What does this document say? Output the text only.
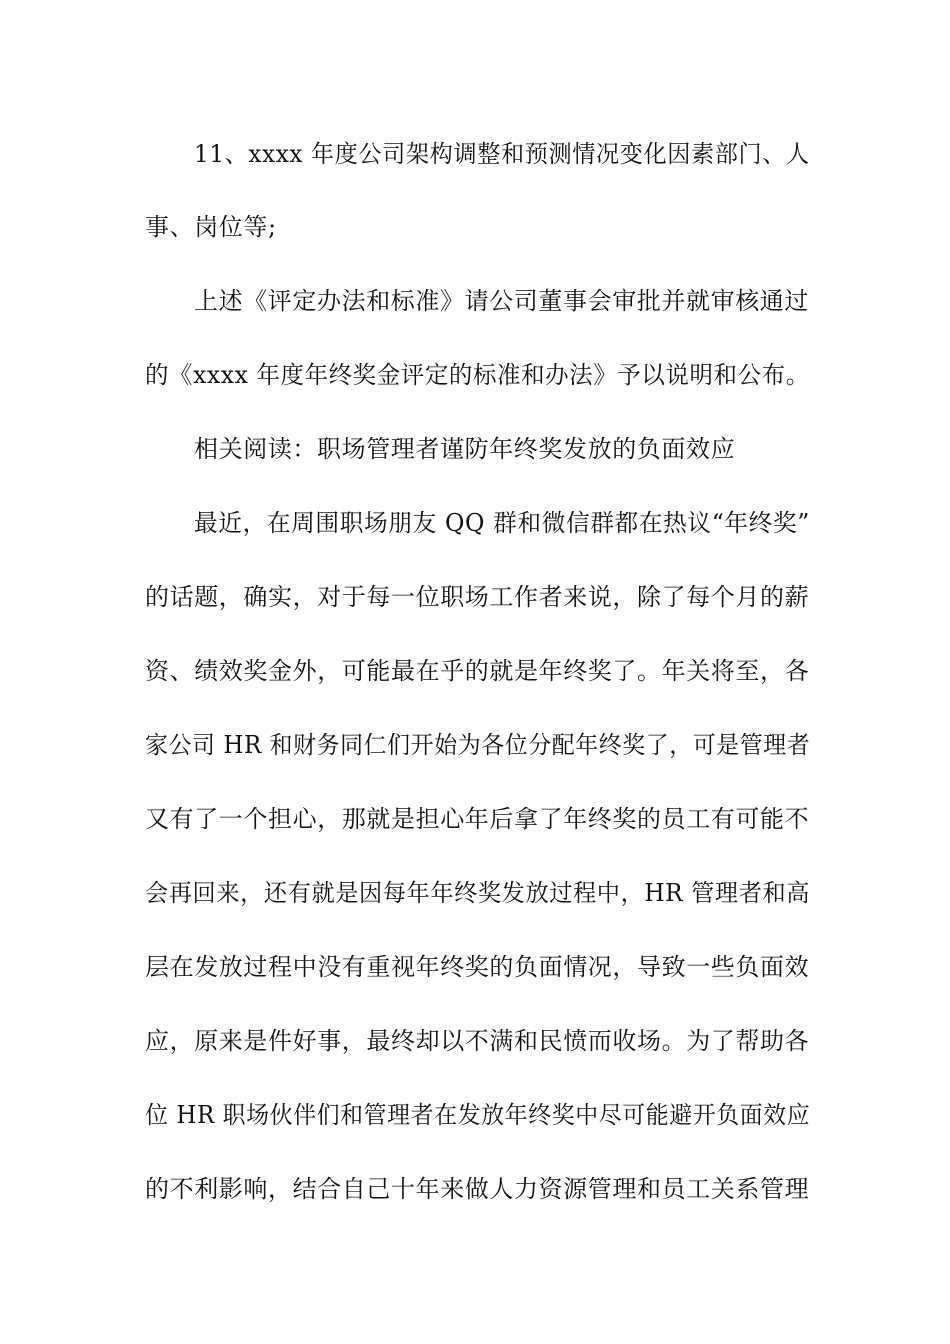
11、xxxx 年度公司架构调整和预测情况变化因素部门、人
事、岗位等;
上述《评定办法和标准》请公司董事会审批并就审核通过
的《xxxx 年度年终奖金评定的标准和办法》予以说明和公布。
相关阅读：职场管理者谨防年终奖发放的负面效应
最近，在周围职场朋友 QQ 群和微信群都在热议“年终奖”
的话题，确实，对于每一位职场工作者来说，除了每个月的薪
资、绩效奖金外，可能最在乎的就是年终奖了。年关将至，各
家公司 HR 和财务同仁们开始为各位分配年终奖了，可是管理者
又有了一个担心，那就是担心年后拿了年终奖的员工有可能不
会再回来，还有就是因每年年终奖发放过程中，HR 管理者和高
层在发放过程中没有重视年终奖的负面情况，导致一些负面效
应，原来是件好事，最终却以不满和民愤而收场。为了帮助各
位 HR 职场伙伴们和管理者在发放年终奖中尽可能避开负面效应
的不利影响，结合自己十年来做人力资源管理和员工关系管理
